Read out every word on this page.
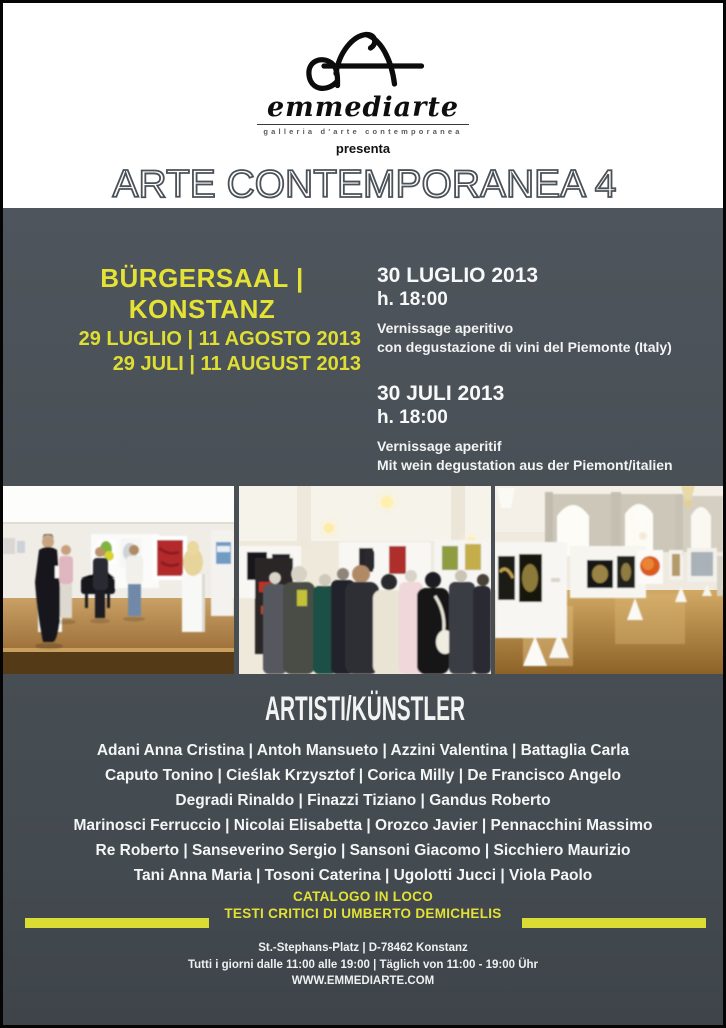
emmediarte
galleria d'arte contemporanea
presenta
ARTE CONTEMPORANEA 4
BÜRGERSAAL | KONSTANZ
29 LUGLIO | 11 AGOSTO 2013
29 JULI | 11 AUGUST 2013
30 LUGLIO 2013
h. 18:00
Vernissage aperitivo
con degustazione di vini del Piemonte (Italy)
30 JULI 2013
h. 18:00
Vernissage aperitif
Mit wein degustation aus der Piemont/italien
ARTISTI/KÜNSTLER
Adani Anna Cristina | Antoh Mansueto | Azzini Valentina | Battaglia Carla
Caputo Tonino | Cieślak Krzysztof | Corica Milly | De Francisco Angelo
Degradi Rinaldo | Finazzi Tiziano | Gandus Roberto
Marinosci Ferruccio | Nicolai Elisabetta | Orozco Javier | Pennacchini Massimo
Re Roberto | Sanseverino Sergio | Sansoni Giacomo | Sicchiero Maurizio
Tani Anna Maria | Tosoni Caterina | Ugolotti Jucci | Viola Paolo
CATALOGO IN LOCO
TESTI CRITICI DI UMBERTO DEMICHELIS
St.-Stephans-Platz | D-78462 Konstanz
Tutti i giorni dalle 11:00 alle 19:00 | Täglich von 11:00 - 19:00 Ühr
WWW.EMMEDIARTE.COM
